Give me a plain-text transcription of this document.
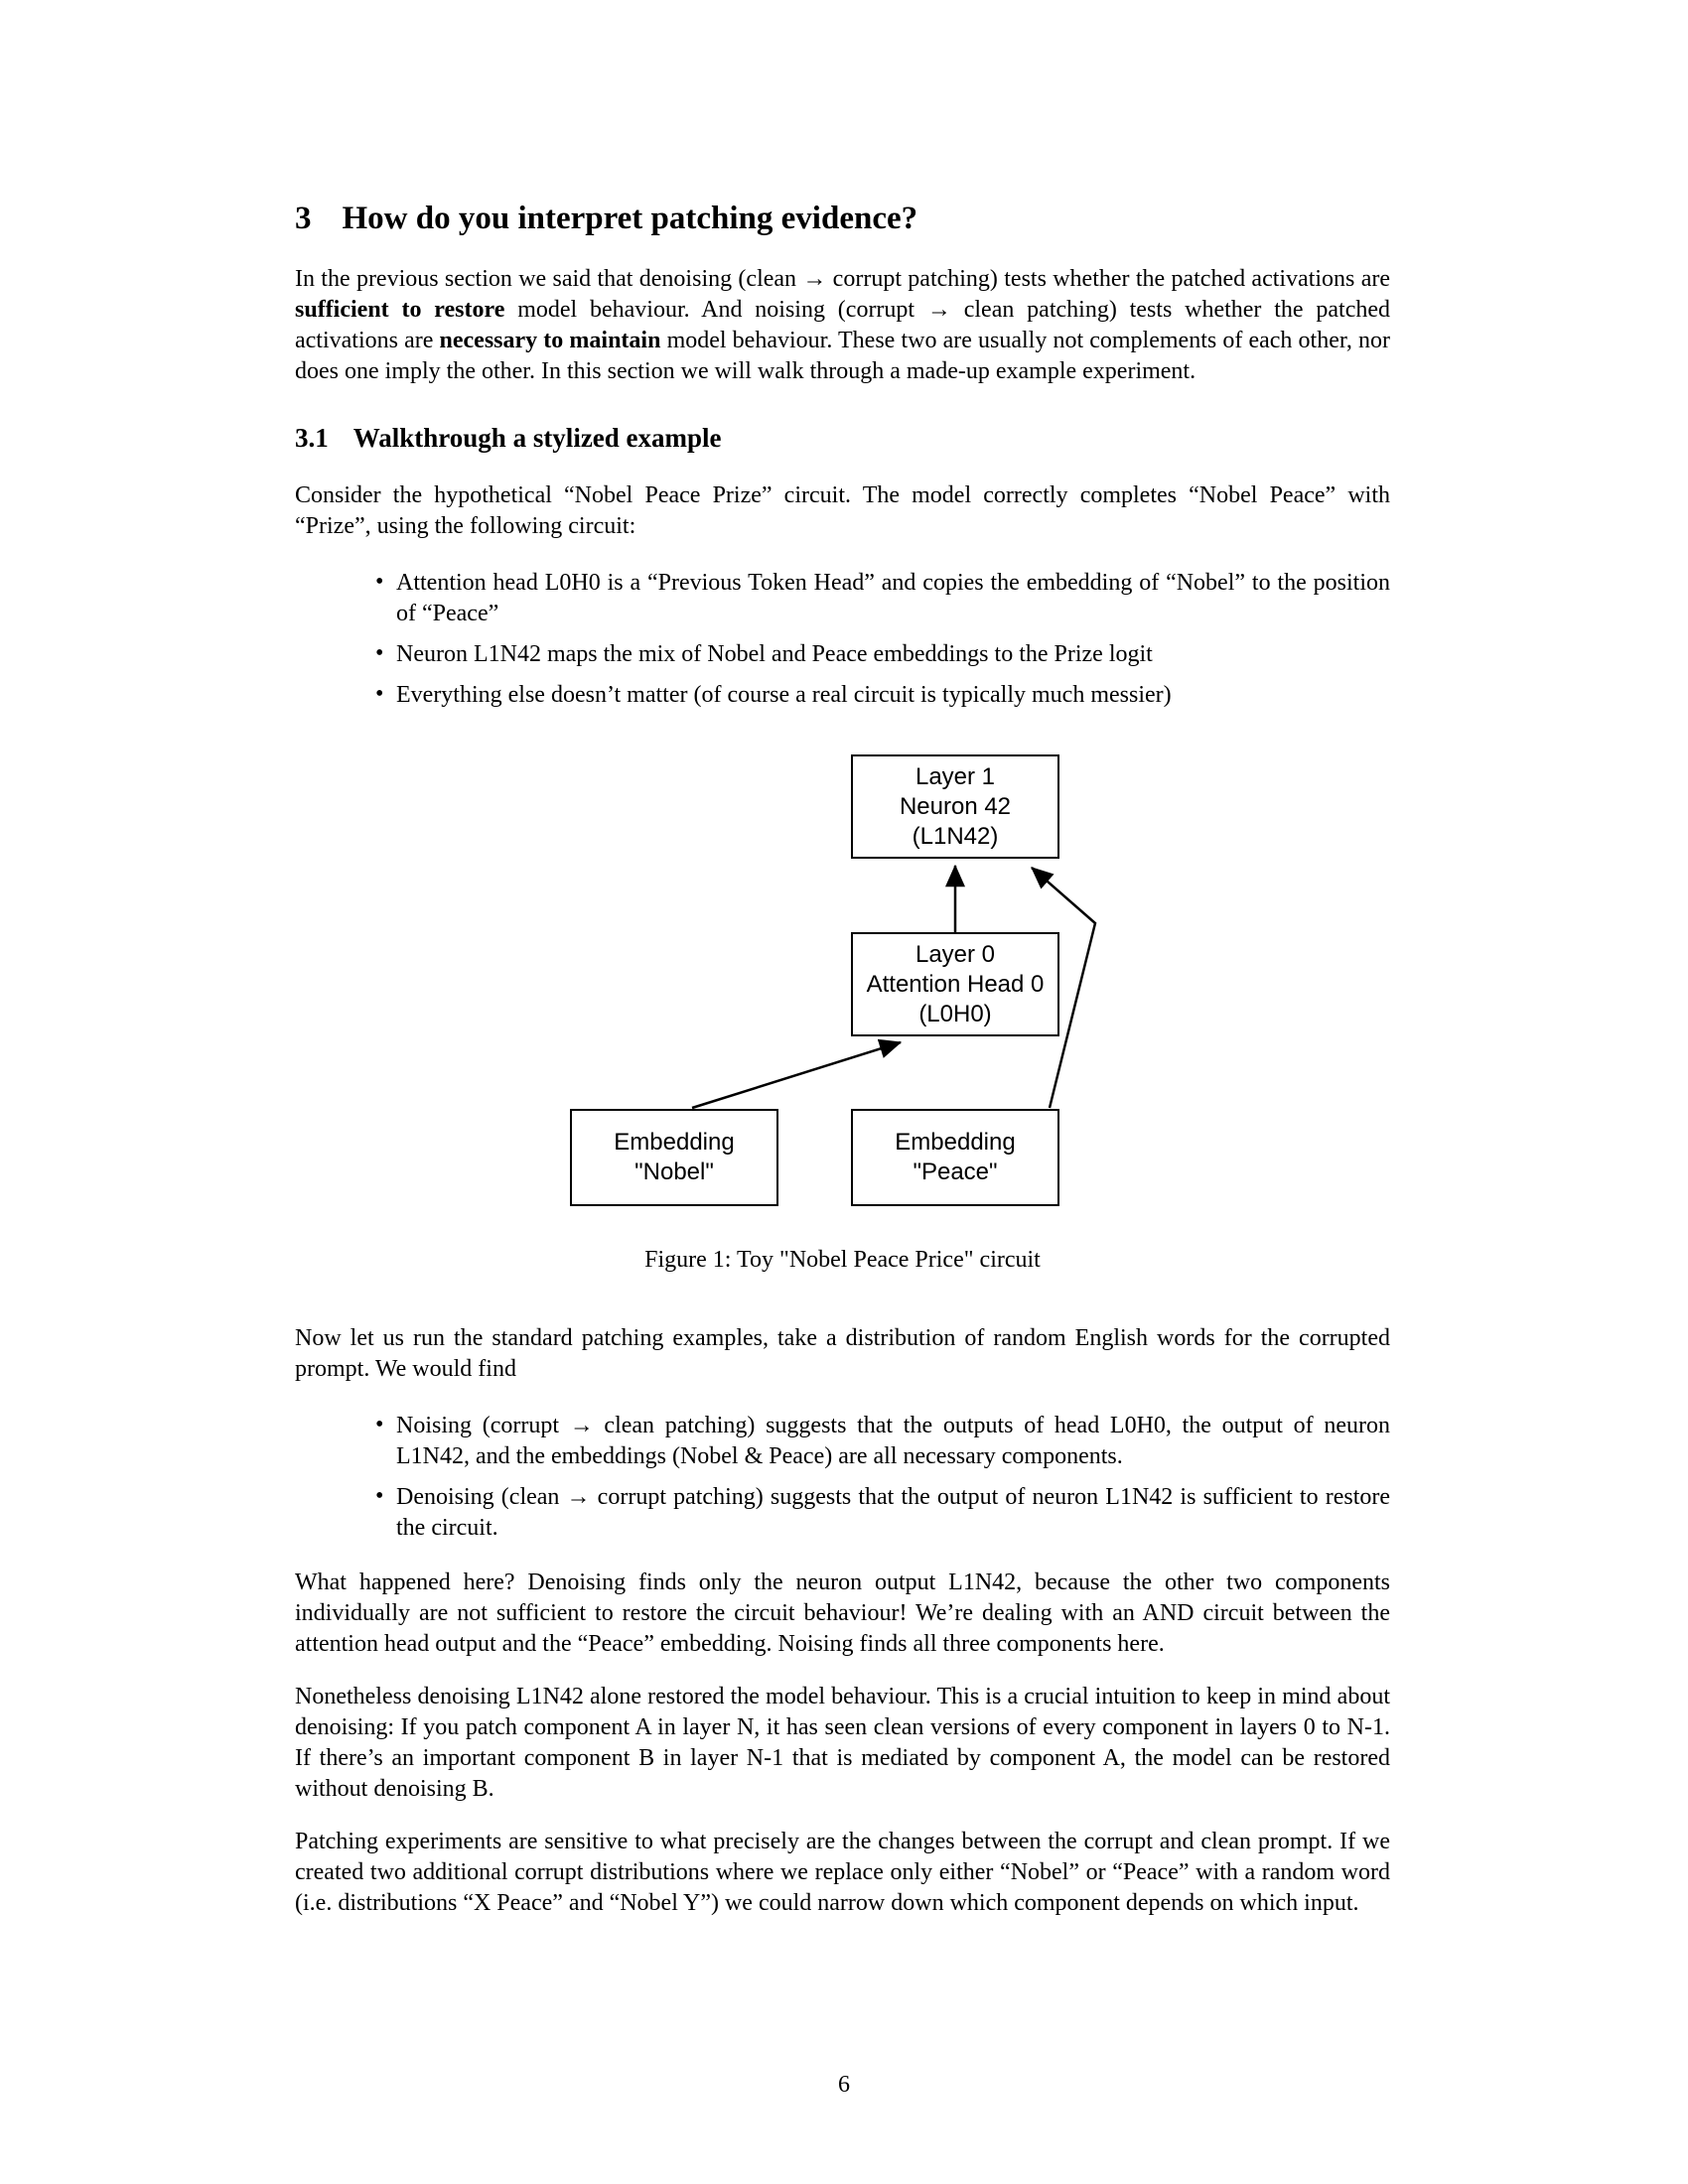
3 How do you interpret patching evidence?

In the previous section we said that denoising (clean → corrupt patching) tests whether the patched activations are sufficient to restore model behaviour. And noising (corrupt → clean patching) tests whether the patched activations are necessary to maintain model behaviour. These two are usually not complements of each other, nor does one imply the other. In this section we will walk through a made-up example experiment.

3.1 Walkthrough a stylized example

Consider the hypothetical “Nobel Peace Prize” circuit. The model correctly completes “Nobel Peace” with “Prize”, using the following circuit:

• Attention head L0H0 is a “Previous Token Head” and copies the embedding of “Nobel” to the position of “Peace”
• Neuron L1N42 maps the mix of Nobel and Peace embeddings to the Prize logit
• Everything else doesn’t matter (of course a real circuit is typically much messier)
Layer 1
Neuron 42
(L1N42)
Layer 0
Attention Head 0
(L0H0)
Embedding
"Nobel"
Embedding
"Peace"
Figure 1: Toy "Nobel Peace Price" circuit

Now let us run the standard patching examples, take a distribution of random English words for the corrupted prompt. We would find

• Noising (corrupt → clean patching) suggests that the outputs of head L0H0, the output of neuron L1N42, and the embeddings (Nobel & Peace) are all necessary components.
• Denoising (clean → corrupt patching) suggests that the output of neuron L1N42 is sufficient to restore the circuit.

What happened here? Denoising finds only the neuron output L1N42, because the other two components individually are not sufficient to restore the circuit behaviour! We’re dealing with an AND circuit between the attention head output and the “Peace” embedding. Noising finds all three components here.

Nonetheless denoising L1N42 alone restored the model behaviour. This is a crucial intuition to keep in mind about denoising: If you patch component A in layer N, it has seen clean versions of every component in layers 0 to N-1. If there’s an important component B in layer N-1 that is mediated by component A, the model can be restored without denoising B.

Patching experiments are sensitive to what precisely are the changes between the corrupt and clean prompt. If we created two additional corrupt distributions where we replace only either “Nobel” or “Peace” with a random word (i.e. distributions “X Peace” and “Nobel Y”) we could narrow down which component depends on which input.

6
